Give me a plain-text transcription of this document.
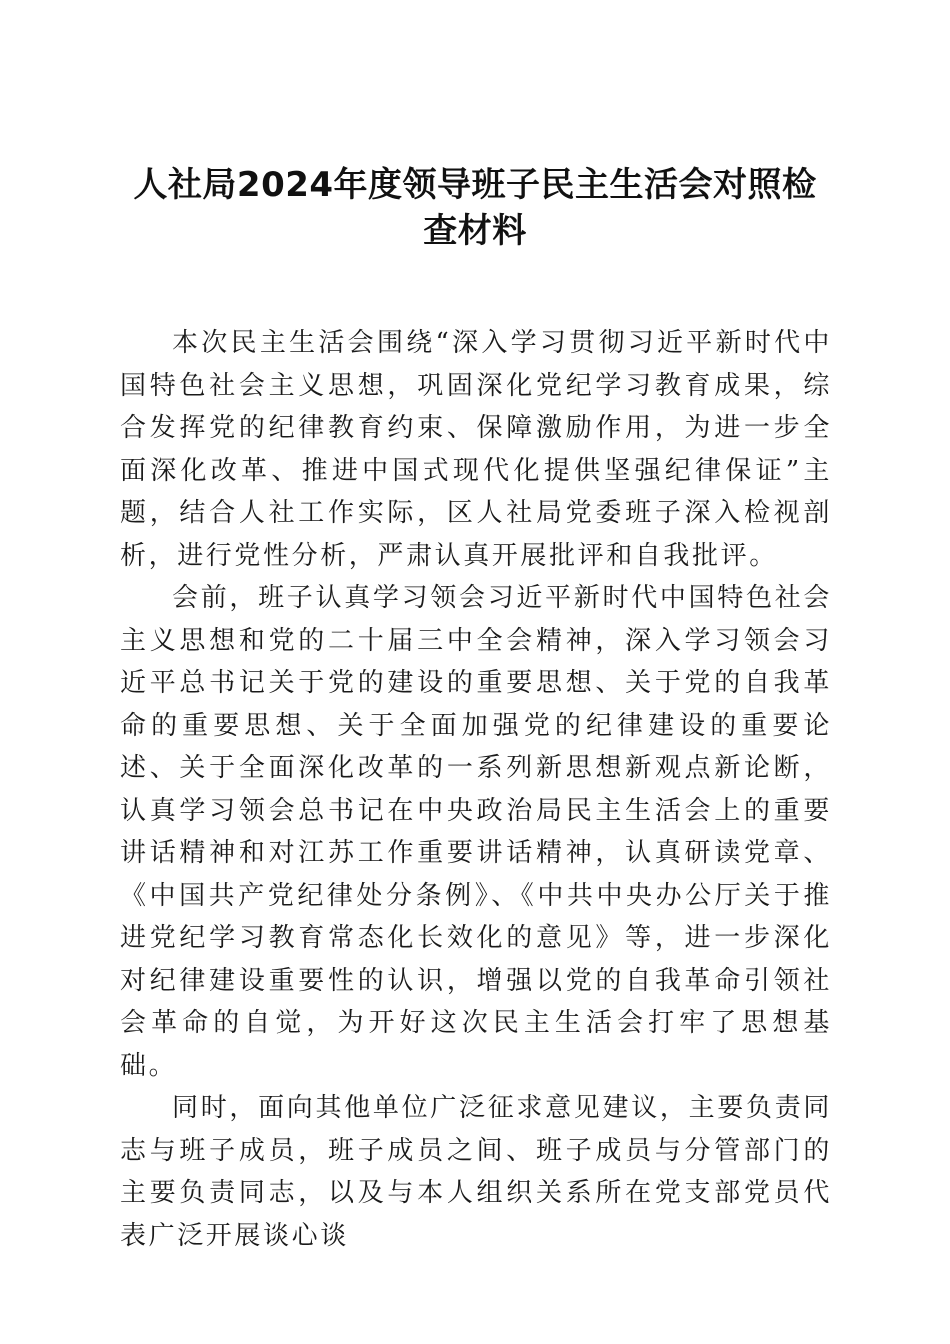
人社局2024年度领导班子民主生活会对照检查材料

本次民主生活会围绕“深入学习贯彻习近平新时代中国特色社会主义思想，巩固深化党纪学习教育成果，综合发挥党的纪律教育约束、保障激励作用，为进一步全面深化改革、推进中国式现代化提供坚强纪律保证”主题，结合人社工作实际，区人社局党委班子深入检视剖析，进行党性分析，严肃认真开展批评和自我批评。

会前，班子认真学习领会习近平新时代中国特色社会主义思想和党的二十届三中全会精神，深入学习领会习近平总书记关于党的建设的重要思想、关于党的自我革命的重要思想、关于全面加强党的纪律建设的重要论述、关于全面深化改革的一系列新思想新观点新论断，认真学习领会总书记在中央政治局民主生活会上的重要讲话精神和对江苏工作重要讲话精神，认真研读党章、《中国共产党纪律处分条例》、《中共中央办公厅关于推进党纪学习教育常态化长效化的意见》等，进一步深化对纪律建设重要性的认识，增强以党的自我革命引领社会革命的自觉，为开好这次民主生活会打牢了思想基础。

同时，面向其他单位广泛征求意见建议，主要负责同志与班子成员，班子成员之间、班子成员与分管部门的主要负责同志，以及与本人组织关系所在党支部党员代表广泛开展谈心谈
